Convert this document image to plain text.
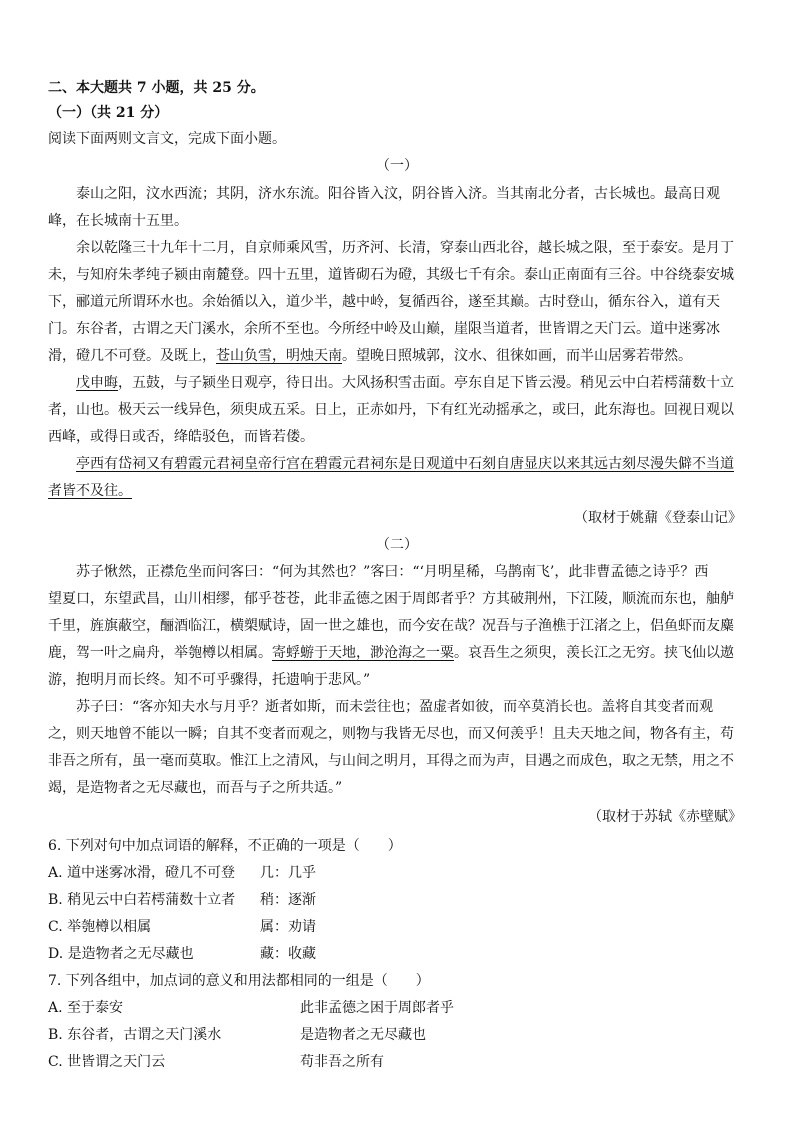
二、本大题共 7 小题，共 25 分。
（一）（共 21 分）
阅读下面两则文言文，完成下面小题。
（一）
泰山之阳，汶水西流；其阴，济水东流。阳谷皆入汶，阴谷皆入济。当其南北分者，古长城也。最高日观
峰，在长城南十五里。
余以乾隆三十九年十二月，自京师乘风雪，历齐河、长清，穿泰山西北谷，越长城之限，至于泰安。是月丁
未，与知府朱孝纯子颍由南麓登。四十五里，道皆砌石为磴，其级七千有余。泰山正南面有三谷。中谷绕泰安城
下，郦道元所谓环水也。余始循以入，道少半，越中岭，复循西谷，遂至其巅。古时登山，循东谷入，道有天
门。东谷者，古谓之天门溪水，余所不至也。今所经中岭及山巅，崖限当道者，世皆谓之天门云。道中迷雾冰
滑，磴几不可登。及既上，苍山负雪，明烛天南。望晚日照城郭，汶水、徂徕如画，而半山居雾若带然。
戊申晦，五鼓，与子颍坐日观亭，待日出。大风扬积雪击面。亭东自足下皆云漫。稍见云中白若樗蒲数十立
者，山也。极天云一线异色，须臾成五采。日上，正赤如丹，下有红光动摇承之，或曰，此东海也。回视日观以
西峰，或得日或否，绛皓驳色，而皆若偻。
亭西有岱祠又有碧霞元君祠皇帝行宫在碧霞元君祠东是日观道中石刻自唐显庆以来其远古刻尽漫失僻不当道
者皆不及往。
（取材于姚鼐《登泰山记》
（二）
苏子愀然，正襟危坐而问客曰：“何为其然也？”客曰：“‘月明星稀，乌鹊南飞’，此非曹孟德之诗乎？西
望夏口，东望武昌，山川相缪，郁乎苍苍，此非孟德之困于周郎者乎？方其破荆州，下江陵，顺流而东也，舳舻
千里，旌旗蔽空，酾酒临江，横槊赋诗，固一世之雄也，而今安在哉？况吾与子渔樵于江渚之上，侣鱼虾而友麋
鹿，驾一叶之扁舟，举匏樽以相属。寄蜉蝣于天地，渺沧海之一粟。哀吾生之须臾，羡长江之无穷。挟飞仙以遨
游，抱明月而长终。知不可乎骤得，托遗响于悲风。”
苏子曰：“客亦知夫水与月乎？逝者如斯，而未尝往也；盈虚者如彼，而卒莫消长也。盖将自其变者而观
之，则天地曾不能以一瞬；自其不变者而观之，则物与我皆无尽也，而又何羡乎！且夫天地之间，物各有主，苟
非吾之所有，虽一毫而莫取。惟江上之清风，与山间之明月，耳得之而为声，目遇之而成色，取之无禁，用之不
竭，是造物者之无尽藏也，而吾与子之所共适。”
（取材于苏轼《赤壁赋》
6. 下列对句中加点词语的解释，不正确的一项是（　　）
A. 道中迷雾冰滑，磴几不可登 几：几乎
B. 稍见云中白若樗蒲数十立者 稍：逐渐
C. 举匏樽以相属	属：劝请
D. 是造物者之无尽藏也	藏：收藏
7. 下列各组中，加点词的意义和用法都相同的一组是（　　）
A. 至于泰安	此非孟德之困于周郎者乎
B. 东谷者，古谓之天门溪水	是造物者之无尽藏也
C. 世皆谓之天门云	苟非吾之所有
